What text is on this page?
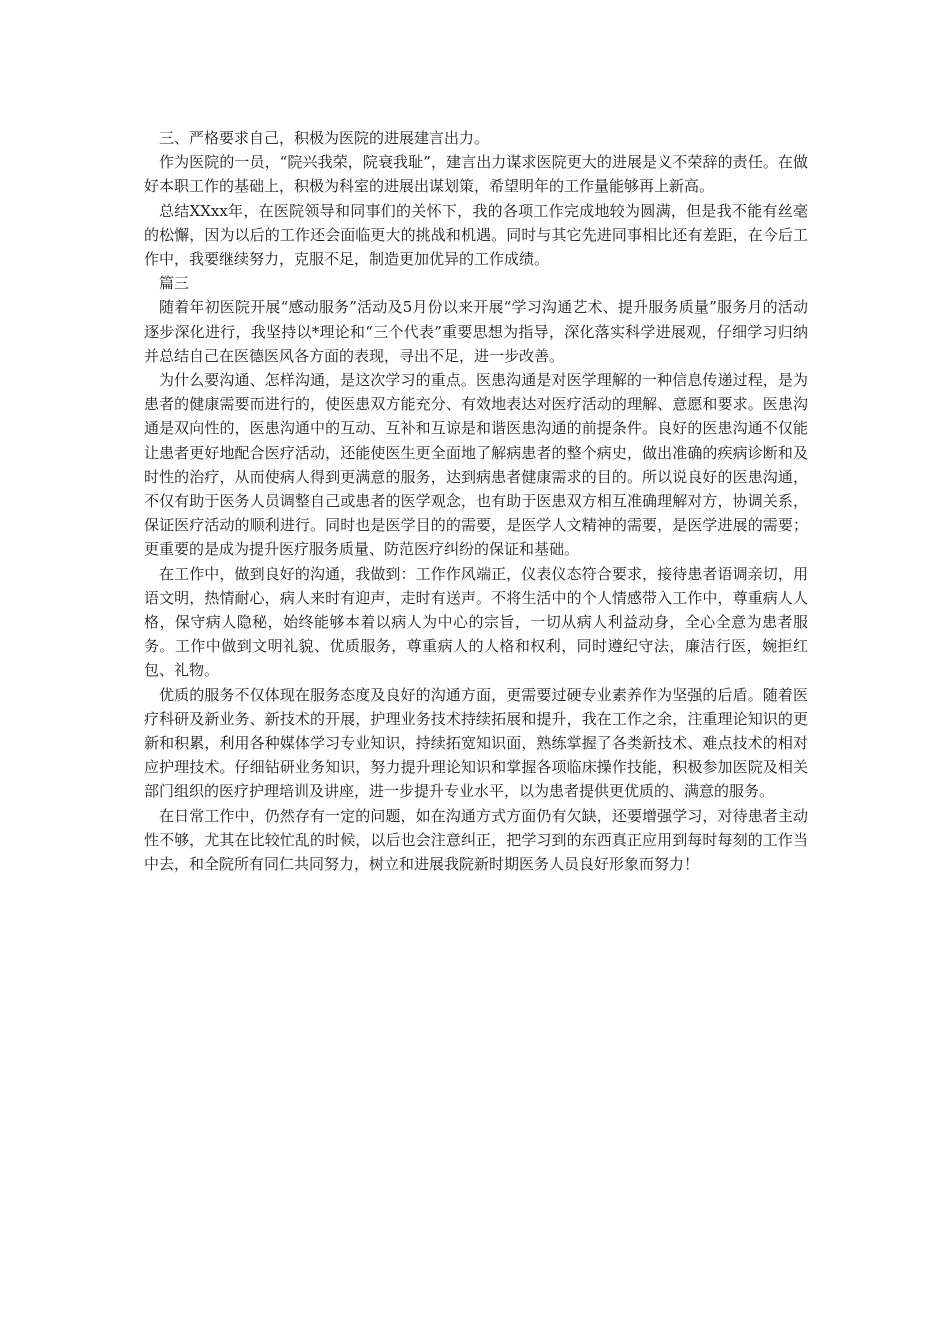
三、严格要求自己，积极为医院的进展建言出力。

作为医院的一员，“院兴我荣，院衰我耻”，建言出力谋求医院更大的进展是义不荣辞的责任。在做好本职工作的基础上，积极为科室的进展出谋划策，希望明年的工作量能够再上新高。

总结XXxx年，在医院领导和同事们的关怀下，我的各项工作完成地较为圆满，但是我不能有丝毫的松懈，因为以后的工作还会面临更大的挑战和机遇。同时与其它先进同事相比还有差距，在今后工作中，我要继续努力，克服不足，制造更加优异的工作成绩。

篇三

随着年初医院开展“感动服务”活动及5月份以来开展“学习沟通艺术、提升服务质量”服务月的活动逐步深化进行，我坚持以*理论和“三个代表”重要思想为指导，深化落实科学进展观，仔细学习归纳并总结自己在医德医风各方面的表现，寻出不足，进一步改善。

为什么要沟通、怎样沟通，是这次学习的重点。医患沟通是对医学理解的一种信息传递过程，是为患者的健康需要而进行的，使医患双方能充分、有效地表达对医疗活动的理解、意愿和要求。医患沟通是双向性的，医患沟通中的互动、互补和互谅是和谐医患沟通的前提条件。良好的医患沟通不仅能让患者更好地配合医疗活动，还能使医生更全面地了解病患者的整个病史，做出准确的疾病诊断和及时性的治疗，从而使病人得到更满意的服务，达到病患者健康需求的目的。所以说良好的医患沟通，不仅有助于医务人员调整自己或患者的医学观念，也有助于医患双方相互准确理解对方，协调关系，保证医疗活动的顺利进行。同时也是医学目的的需要，是医学人文精神的需要，是医学进展的需要；更重要的是成为提升医疗服务质量、防范医疗纠纷的保证和基础。

在工作中，做到良好的沟通，我做到：工作作风端正，仪表仪态符合要求，接待患者语调亲切，用语文明，热情耐心，病人来时有迎声，走时有送声。不将生活中的个人情感带入工作中，尊重病人人格，保守病人隐秘，始终能够本着以病人为中心的宗旨，一切从病人利益动身，全心全意为患者服务。工作中做到文明礼貌、优质服务，尊重病人的人格和权利，同时遵纪守法，廉洁行医，婉拒红包、礼物。

优质的服务不仅体现在服务态度及良好的沟通方面，更需要过硬专业素养作为坚强的后盾。随着医疗科研及新业务、新技术的开展，护理业务技术持续拓展和提升，我在工作之余，注重理论知识的更新和积累，利用各种媒体学习专业知识，持续拓宽知识面，熟练掌握了各类新技术、难点技术的相对应护理技术。仔细钻研业务知识，努力提升理论知识和掌握各项临床操作技能，积极参加医院及相关部门组织的医疗护理培训及讲座，进一步提升专业水平，以为患者提供更优质的、满意的服务。

在日常工作中，仍然存有一定的问题，如在沟通方式方面仍有欠缺，还要增强学习，对待患者主动性不够，尤其在比较忙乱的时候，以后也会注意纠正，把学习到的东西真正应用到每时每刻的工作当中去，和全院所有同仁共同努力，树立和进展我院新时期医务人员良好形象而努力！
